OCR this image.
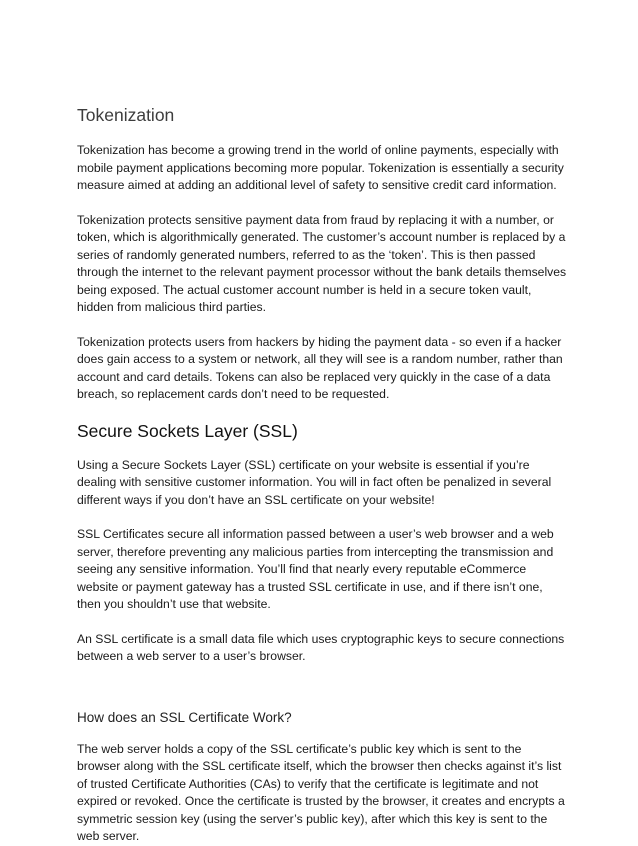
Tokenization

Tokenization has become a growing trend in the world of online payments, especially with mobile payment applications becoming more popular. Tokenization is essentially a security measure aimed at adding an additional level of safety to sensitive credit card information.

Tokenization protects sensitive payment data from fraud by replacing it with a number, or token, which is algorithmically generated. The customer’s account number is replaced by a series of randomly generated numbers, referred to as the ‘token’. This is then passed through the internet to the relevant payment processor without the bank details themselves being exposed. The actual customer account number is held in a secure token vault, hidden from malicious third parties.

Tokenization protects users from hackers by hiding the payment data - so even if a hacker does gain access to a system or network, all they will see is a random number, rather than account and card details. Tokens can also be replaced very quickly in the case of a data breach, so replacement cards don’t need to be requested.

Secure Sockets Layer (SSL)

Using a Secure Sockets Layer (SSL) certificate on your website is essential if you’re dealing with sensitive customer information. You will in fact often be penalized in several different ways if you don’t have an SSL certificate on your website!

SSL Certificates secure all information passed between a user’s web browser and a web server, therefore preventing any malicious parties from intercepting the transmission and seeing any sensitive information. You’ll find that nearly every reputable eCommerce website or payment gateway has a trusted SSL certificate in use, and if there isn’t one, then you shouldn’t use that website.

An SSL certificate is a small data file which uses cryptographic keys to secure connections between a web server to a user’s browser.

How does an SSL Certificate Work?

The web server holds a copy of the SSL certificate’s public key which is sent to the browser along with the SSL certificate itself, which the browser then checks against it’s list of trusted Certificate Authorities (CAs) to verify that the certificate is legitimate and not expired or revoked. Once the certificate is trusted by the browser, it creates and encrypts a symmetric session key (using the server’s public key), after which this key is sent to the web server.
